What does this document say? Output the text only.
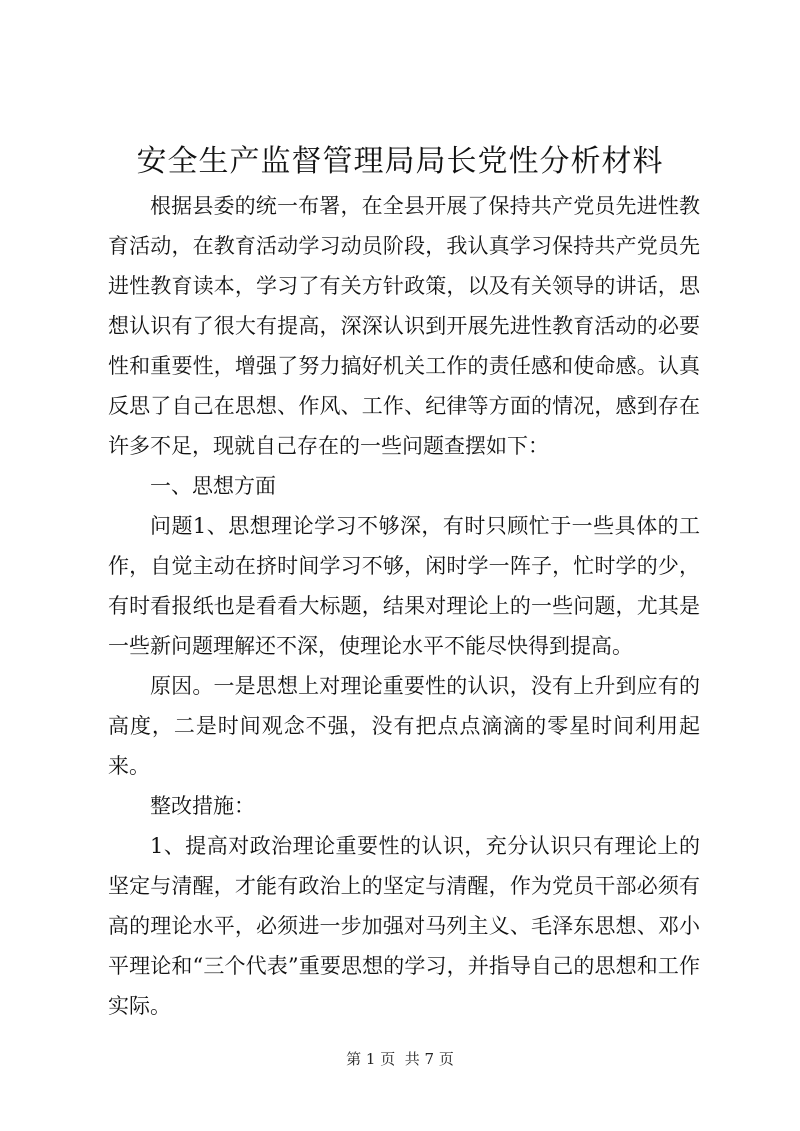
安全生产监督管理局局长党性分析材料

根据县委的统一布署，在全县开展了保持共产党员先进性教育活动，在教育活动学习动员阶段，我认真学习保持共产党员先进性教育读本，学习了有关方针政策，以及有关领导的讲话，思想认识有了很大有提高，深深认识到开展先进性教育活动的必要性和重要性，增强了努力搞好机关工作的责任感和使命感。认真反思了自己在思想、作风、工作、纪律等方面的情况，感到存在许多不足，现就自己存在的一些问题查摆如下：

一、思想方面

问题1、思想理论学习不够深，有时只顾忙于一些具体的工作，自觉主动在挤时间学习不够，闲时学一阵子，忙时学的少，有时看报纸也是看看大标题，结果对理论上的一些问题，尤其是一些新问题理解还不深，使理论水平不能尽快得到提高。

原因。一是思想上对理论重要性的认识，没有上升到应有的高度，二是时间观念不强，没有把点点滴滴的零星时间利用起来。

整改措施：

1、提高对政治理论重要性的认识，充分认识只有理论上的坚定与清醒，才能有政治上的坚定与清醒，作为党员干部必须有高的理论水平，必须进一步加强对马列主义、毛泽东思想、邓小平理论和“三个代表”重要思想的学习，并指导自己的思想和工作实际。

第 1 页 共 7 页
